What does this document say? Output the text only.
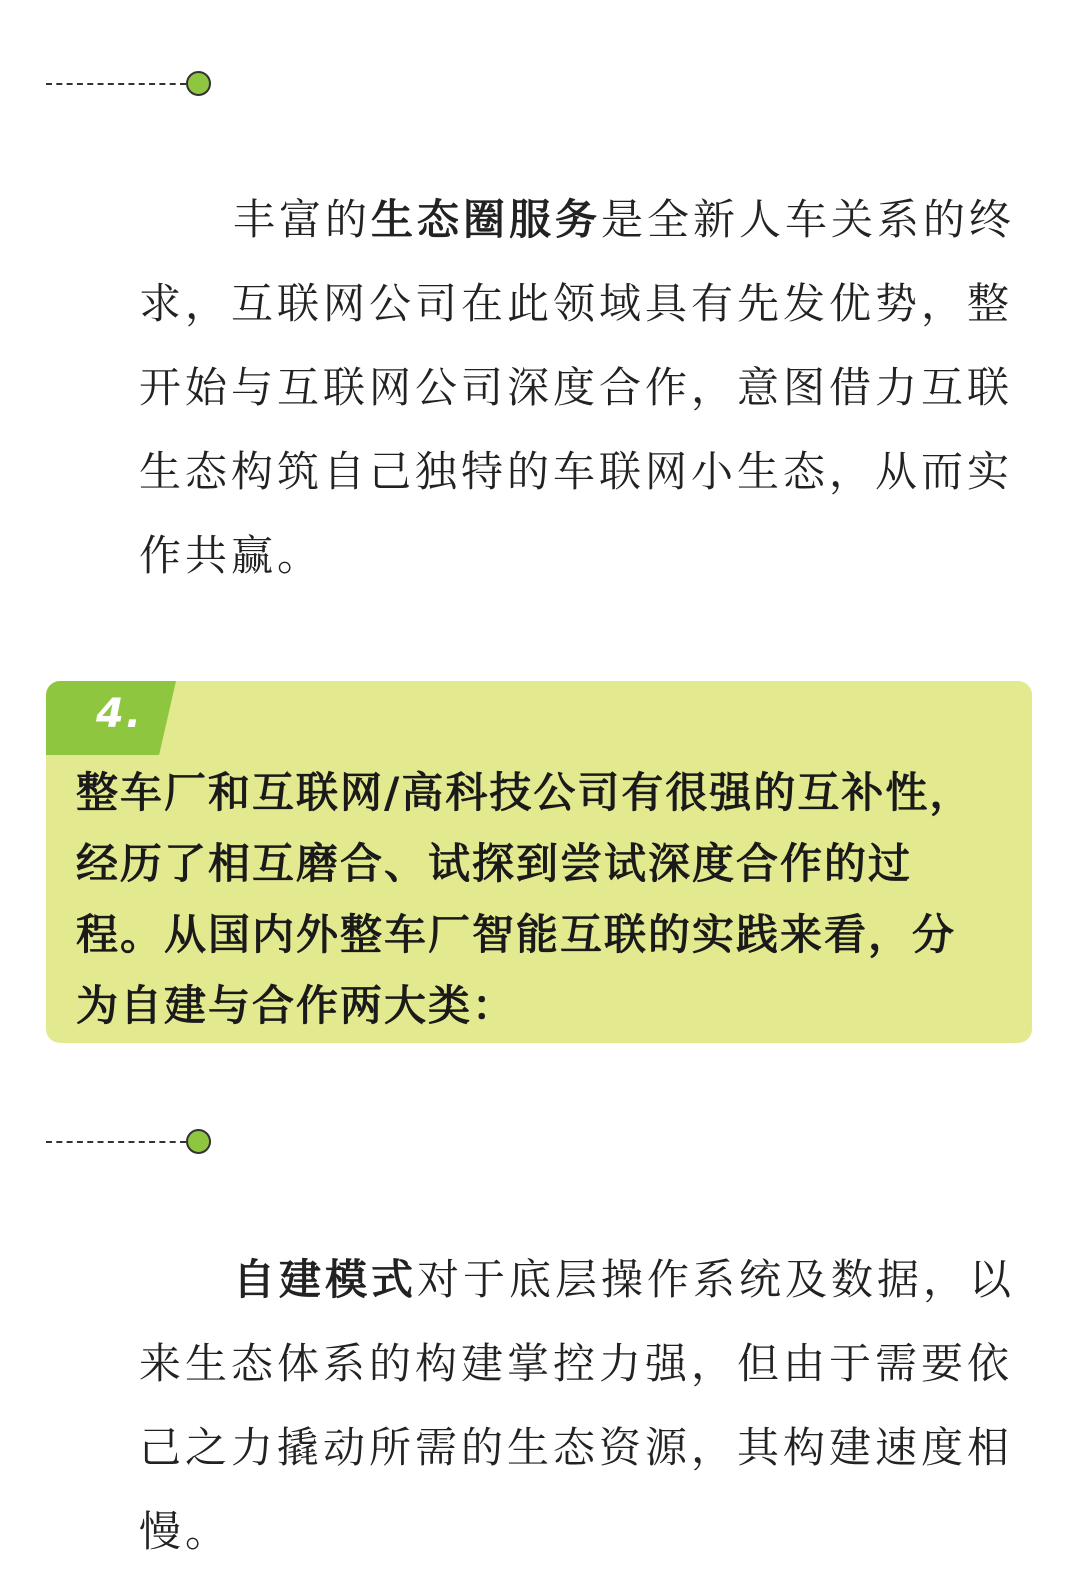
丰富的生态圈服务是全新人车关系的终求，互联网公司在此领域具有先发优势，整开始与互联网公司深度合作，意图借力互联生态构筑自己独特的车联网小生态，从而实作共赢。

4.

整车厂和互联网/高科技公司有很强的互补性，经历了相互磨合、试探到尝试深度合作的过程。从国内外整车厂智能互联的实践来看，分为自建与合作两大类：

自建模式对于底层操作系统及数据，以来生态体系的构建掌控力强，但由于需要依己之力撬动所需的生态资源，其构建速度相慢。
